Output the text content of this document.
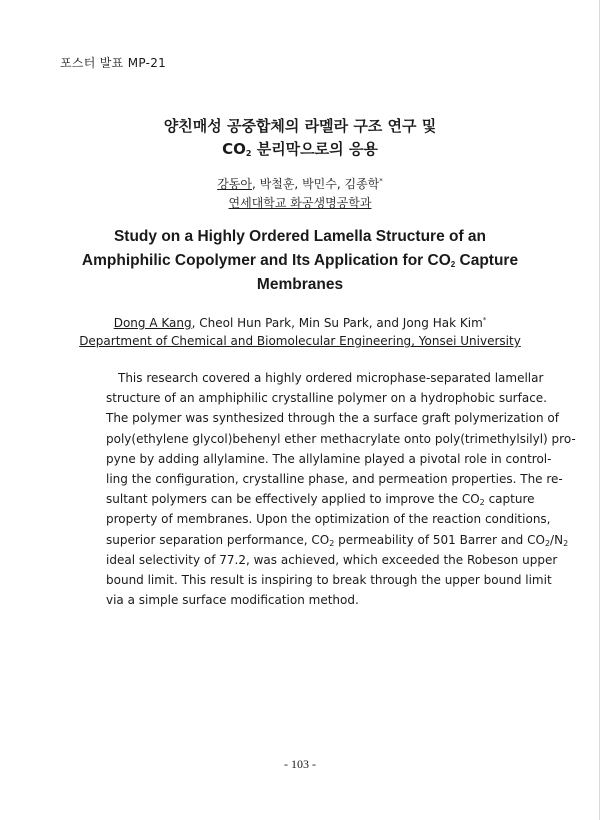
포스터 발표 MP-21
양친매성 공중합체의 라멜라 구조 연구 및
$CO_2$ 분리막으로의 응용
강동아, 박철훈, 박민수, 김종학*
연세대학교 화공생명공학과
Study on a Highly Ordered Lamella Structure of an
Amphiphilic Copolymer and Its Application for $CO_2$ Capture
Membranes
Dong A Kang, Cheol Hun Park, Min Su Park, and Jong Hak Kim*
Department of Chemical and Biomolecular Engineering, Yonsei University
This research covered a highly ordered microphase-separated lamellar
structure of an amphiphilic crystalline polymer on a hydrophobic surface.
The polymer was synthesized through the a surface graft polymerization of
poly(ethylene glycol)behenyl ether methacrylate onto poly(trimethylsilyl) pro-
pyne by adding allylamine. The allylamine played a pivotal role in control-
ling the configuration, crystalline phase, and permeation properties. The re-
sultant polymers can be effectively applied to improve the $CO_2$ capture
property of membranes. Upon the optimization of the reaction conditions,
superior separation performance, $CO_2$ permeability of 501 Barrer and $CO_2/N_2$
ideal selectivity of 77.2, was achieved, which exceeded the Robeson upper
bound limit. This result is inspiring to break through the upper bound limit
via a simple surface modification method.
- 103 -
